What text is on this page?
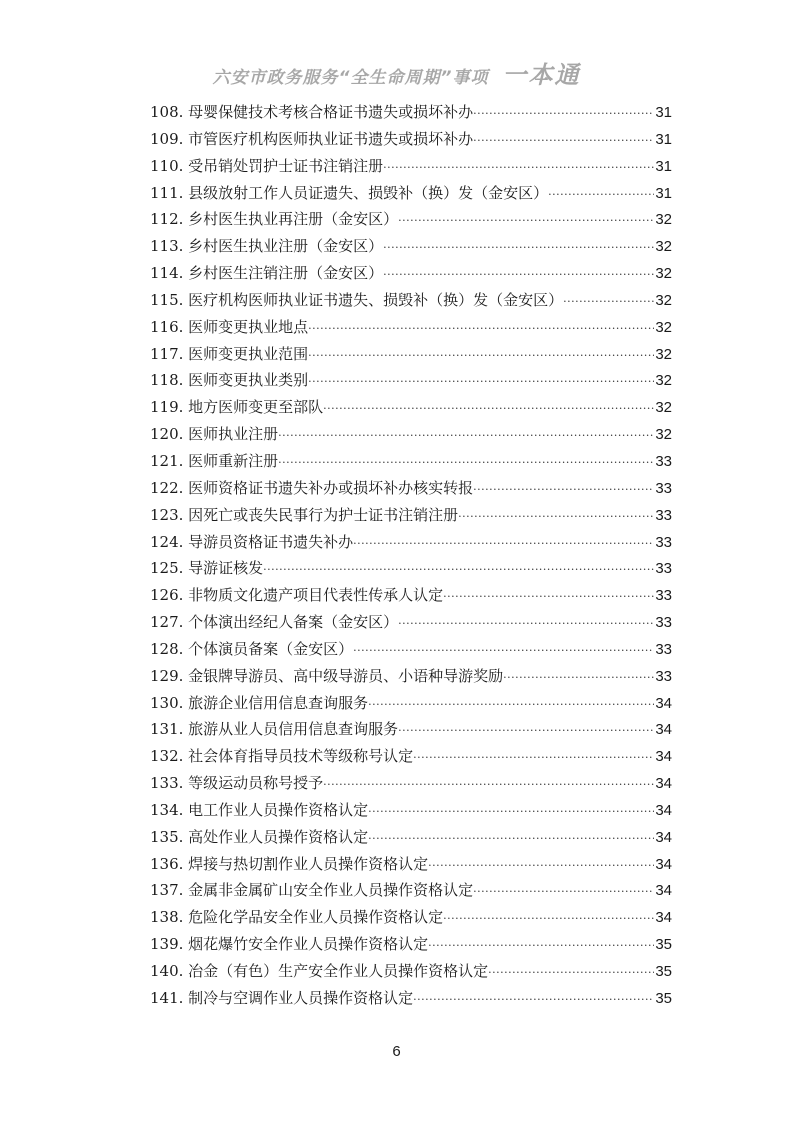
六安市政务服务“全生命周期”事项 一本通
108. 母婴保健技术考核合格证书遗失或损坏补办 ·····	31
109. 市管医疗机构医师执业证书遗失或损坏补办 ·····	31
110. 受吊销处罚护士证书注销注册 ·····	31
111. 县级放射工作人员证遗失、损毁补（换）发（金安区） ·····	31
112. 乡村医生执业再注册（金安区） ·····	32
113. 乡村医生执业注册（金安区） ·····	32
114. 乡村医生注销注册（金安区） ·····	32
115. 医疗机构医师执业证书遗失、损毁补（换）发（金安区） ·····	32
116. 医师变更执业地点 ·····	32
117. 医师变更执业范围 ·····	32
118. 医师变更执业类别 ·····	32
119. 地方医师变更至部队 ·····	32
120. 医师执业注册 ·····	32
121. 医师重新注册 ·····	33
122. 医师资格证书遗失补办或损坏补办核实转报 ·····	33
123. 因死亡或丧失民事行为护士证书注销注册 ·····	33
124. 导游员资格证书遗失补办 ·····	33
125. 导游证核发 ·····	33
126. 非物质文化遗产项目代表性传承人认定 ·····	33
127. 个体演出经纪人备案（金安区） ·····	33
128. 个体演员备案（金安区） ·····	33
129. 金银牌导游员、高中级导游员、小语种导游奖励 ·····	33
130. 旅游企业信用信息查询服务 ·····	34
131. 旅游从业人员信用信息查询服务 ·····	34
132. 社会体育指导员技术等级称号认定 ·····	34
133. 等级运动员称号授予 ·····	34
134. 电工作业人员操作资格认定 ·····	34
135. 高处作业人员操作资格认定 ·····	34
136. 焊接与热切割作业人员操作资格认定 ·····	34
137. 金属非金属矿山安全作业人员操作资格认定 ·····	34
138. 危险化学品安全作业人员操作资格认定 ·····	34
139. 烟花爆竹安全作业人员操作资格认定 ·····	35
140. 冶金（有色）生产安全作业人员操作资格认定 ·····	35
141. 制冷与空调作业人员操作资格认定 ·····	35
6
